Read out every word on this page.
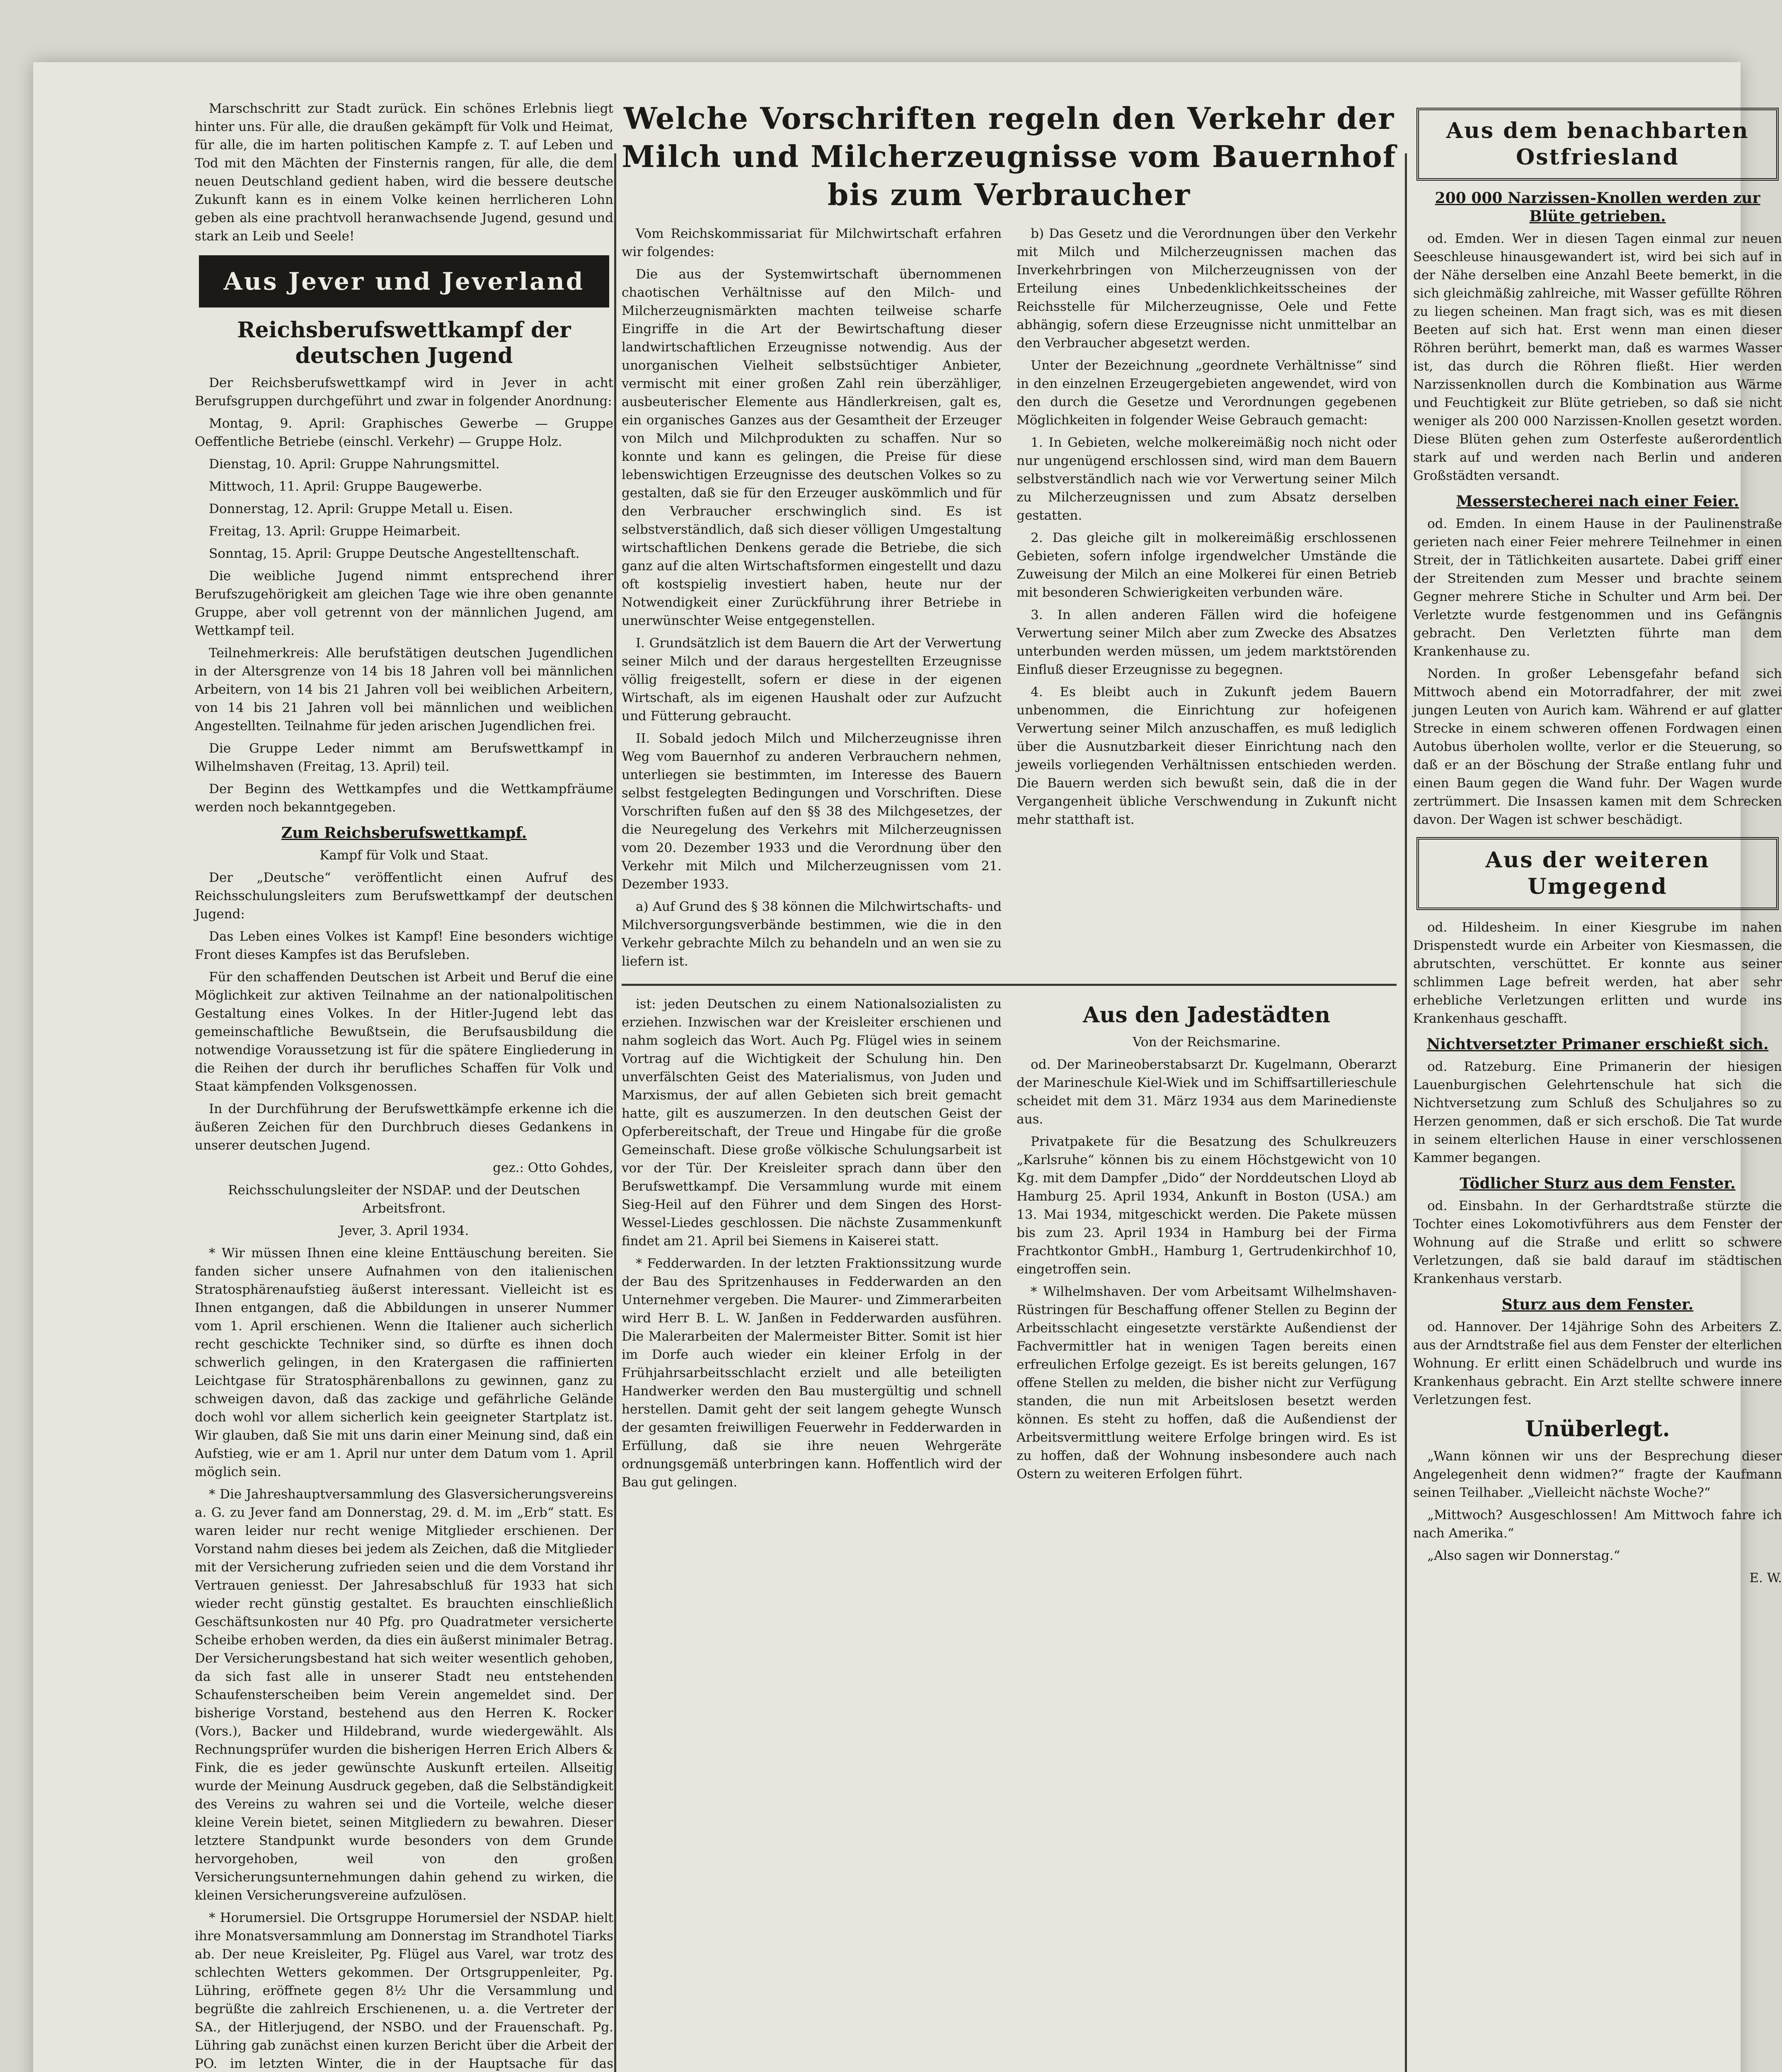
Marschschritt zur Stadt zurück. Ein schönes Erlebnis liegt hinter uns. Für alle, die draußen gekämpft für Volk und Heimat, für alle, die im harten politischen Kampfe z. T. auf Leben und Tod mit den Mächten der Finsternis rangen, für alle, die dem neuen Deutschland gedient haben, wird die bessere deutsche Zukunft kann es in einem Volke keinen herrlicheren Lohn geben als eine prachtvoll heranwachsende Jugend, gesund und stark an Leib und Seele!

Aus Jever und Jeverland
Reichsberufswettkampf der deutschen Jugend

Der Reichsberufswettkampf wird in Jever in acht Berufsgruppen durchgeführt und zwar in folgender Anordnung:

Montag, 9. April: Graphisches Gewerbe — Gruppe Oeffentliche Betriebe (einschl. Verkehr) — Gruppe Holz.

Dienstag, 10. April: Gruppe Nahrungsmittel.

Mittwoch, 11. April: Gruppe Baugewerbe.

Donnerstag, 12. April: Gruppe Metall u. Eisen.

Freitag, 13. April: Gruppe Heimarbeit.

Sonntag, 15. April: Gruppe Deutsche Angestelltenschaft.

Die weibliche Jugend nimmt entsprechend ihrer Berufszugehörigkeit am gleichen Tage wie ihre oben genannte Gruppe, aber voll getrennt von der männlichen Jugend, am Wettkampf teil.

Teilnehmerkreis: Alle berufstätigen deutschen Jugendlichen in der Altersgrenze von 14 bis 18 Jahren voll bei männlichen Arbeitern, von 14 bis 21 Jahren voll bei weiblichen Arbeitern, von 14 bis 21 Jahren voll bei männlichen und weiblichen Angestellten. Teilnahme für jeden arischen Jugendlichen frei.

Die Gruppe Leder nimmt am Berufswettkampf in Wilhelmshaven (Freitag, 13. April) teil.

Der Beginn des Wettkampfes und die Wettkampfräume werden noch bekanntgegeben.

Zum Reichsberufswettkampf.
Kampf für Volk und Staat.

Der „Deutsche“ veröffentlicht einen Aufruf des Reichsschulungsleiters zum Berufswettkampf der deutschen Jugend:

Das Leben eines Volkes ist Kampf! Eine besonders wichtige Front dieses Kampfes ist das Berufsleben.

Für den schaffenden Deutschen ist Arbeit und Beruf die eine Möglichkeit zur aktiven Teilnahme an der nationalpolitischen Gestaltung eines Volkes. In der Hitler-Jugend lebt das gemeinschaftliche Bewußtsein, die Berufsausbildung die notwendige Voraussetzung ist für die spätere Eingliederung in die Reihen der durch ihr berufliches Schaffen für Volk und Staat kämpfenden Volksgenossen.

In der Durchführung der Berufswettkämpfe erkenne ich die äußeren Zeichen für den Durchbruch dieses Gedankens in unserer deutschen Jugend.

gez.: Otto Gohdes,
Reichsschulungsleiter der NSDAP. und der Deutschen Arbeitsfront.
Jever, 3. April 1934.

* Wir müssen Ihnen eine kleine Enttäuschung bereiten. Sie fanden sicher unsere Aufnahmen von den italienischen Stratosphärenaufstieg äußerst interessant. Vielleicht ist es Ihnen entgangen, daß die Abbildungen in unserer Nummer vom 1. April erschienen. Wenn die Italiener auch sicherlich recht geschickte Techniker sind, so dürfte es ihnen doch schwerlich gelingen, in den Kratergasen die raffinierten Leichtgase für Stratosphärenballons zu gewinnen, ganz zu schweigen davon, daß das zackige und gefährliche Gelände doch wohl vor allem sicherlich kein geeigneter Startplatz ist. Wir glauben, daß Sie mit uns darin einer Meinung sind, daß ein Aufstieg, wie er am 1. April nur unter dem Datum vom 1. April möglich sein.

* Die Jahreshauptversammlung des Glasversicherungsvereins a. G. zu Jever fand am Donnerstag, 29. d. M. im „Erb“ statt. Es waren leider nur recht wenige Mitglieder erschienen. Der Vorstand nahm dieses bei jedem als Zeichen, daß die Mitglieder mit der Versicherung zufrieden seien und die dem Vorstand ihr Vertrauen geniesst. Der Jahresabschluß für 1933 hat sich wieder recht günstig gestaltet. Es brauchten einschließlich Geschäftsunkosten nur 40 Pfg. pro Quadratmeter versicherte Scheibe erhoben werden, da dies ein äußerst minimaler Betrag. Der Versicherungsbestand hat sich weiter wesentlich gehoben, da sich fast alle in unserer Stadt neu entstehenden Schaufensterscheiben beim Verein angemeldet sind. Der bisherige Vorstand, bestehend aus den Herren K. Rocker (Vors.), Backer und Hildebrand, wurde wiedergewählt. Als Rechnungsprüfer wurden die bisherigen Herren Erich Albers & Fink, die es jeder gewünschte Auskunft erteilen. Allseitig wurde der Meinung Ausdruck gegeben, daß die Selbständigkeit des Vereins zu wahren sei und die Vorteile, welche dieser kleine Verein bietet, seinen Mitgliedern zu bewahren. Dieser letztere Standpunkt wurde besonders von dem Grunde hervorgehoben, weil von den großen Versicherungsunternehmungen dahin gehend zu wirken, die kleinen Versicherungsvereine aufzulösen.

* Horumersiel. Die Ortsgruppe Horumersiel der NSDAP. hielt ihre Monatsversammlung am Donnerstag im Strandhotel Tiarks ab. Der neue Kreisleiter, Pg. Flügel aus Varel, war trotz des schlechten Wetters gekommen. Der Ortsgruppenleiter, Pg. Lühring, eröffnete gegen 8½ Uhr die Versammlung und begrüßte die zahlreich Erschienenen, u. a. die Vertreter der SA., der Hitlerjugend, der NSBO. und der Frauenschaft. Pg. Lühring gab zunächst einen kurzen Bericht über die Arbeit der PO. im letzten Winter, die in der Hauptsache für das

Welche Vorschriften regeln den Verkehr der Milch und Milcherzeugnisse vom Bauernhof bis zum Verbraucher

Vom Reichskommissariat für Milchwirtschaft erfahren wir folgendes:

Die aus der Systemwirtschaft übernommenen chaotischen Verhältnisse auf den Milch- und Milcherzeugnismärkten machten teilweise scharfe Eingriffe in die Art der Bewirtschaftung dieser landwirtschaftlichen Erzeugnisse notwendig. Aus der unorganischen Vielheit selbstsüchtiger Anbieter, vermischt mit einer großen Zahl rein überzähliger, ausbeuterischer Elemente aus Händlerkreisen, galt es, ein organisches Ganzes aus der Gesamtheit der Erzeuger von Milch und Milchprodukten zu schaffen. Nur so konnte und kann es gelingen, die Preise für diese lebenswichtigen Erzeugnisse des deutschen Volkes so zu gestalten, daß sie für den Erzeuger auskömmlich und für den Verbraucher erschwinglich sind. Es ist selbstverständlich, daß sich dieser völligen Umgestaltung wirtschaftlichen Denkens gerade die Betriebe, die sich ganz auf die alten Wirtschaftsformen eingestellt und dazu oft kostspielig investiert haben, heute nur der Notwendigkeit einer Zurückführung ihrer Betriebe in unerwünschter Weise entgegenstellen.

I. Grundsätzlich ist dem Bauern die Art der Verwertung seiner Milch und der daraus hergestellten Erzeugnisse völlig freigestellt, sofern er diese in der eigenen Wirtschaft, als im eigenen Haushalt oder zur Aufzucht und Fütterung gebraucht.

II. Sobald jedoch Milch und Milcherzeugnisse ihren Weg vom Bauernhof zu anderen Verbrauchern nehmen, unterliegen sie bestimmten, im Interesse des Bauern selbst festgelegten Bedingungen und Vorschriften. Diese Vorschriften fußen auf den §§ 38 des Milchgesetzes, der die Neuregelung des Verkehrs mit Milcherzeugnissen vom 20. Dezember 1933 und die Verordnung über den Verkehr mit Milch und Milcherzeugnissen vom 21. Dezember 1933.

a) Auf Grund des § 38 können die Milchwirtschafts- und Milchversorgungsverbände bestimmen, wie die in den Verkehr gebrachte Milch zu behandeln und an wen sie zu liefern ist.

b) Das Gesetz und die Verordnungen über den Verkehr mit Milch und Milcherzeugnissen machen das Inverkehrbringen von Milcherzeugnissen von der Erteilung eines Unbedenklichkeitsscheines der Reichsstelle für Milcherzeugnisse, Oele und Fette abhängig, sofern diese Erzeugnisse nicht unmittelbar an den Verbraucher abgesetzt werden.

Unter der Bezeichnung „geordnete Verhältnisse“ sind in den einzelnen Erzeugergebieten angewendet, wird von den durch die Gesetze und Verordnungen gegebenen Möglichkeiten in folgender Weise Gebrauch gemacht:

1. In Gebieten, welche molkereimäßig noch nicht oder nur ungenügend erschlossen sind, wird man dem Bauern selbstverständlich nach wie vor Verwertung seiner Milch zu Milcherzeugnissen und zum Absatz derselben gestatten.

2. Das gleiche gilt in molkereimäßig erschlossenen Gebieten, sofern infolge irgendwelcher Umstände die Zuweisung der Milch an eine Molkerei für einen Betrieb mit besonderen Schwierigkeiten verbunden wäre.

3. In allen anderen Fällen wird die hofeigene Verwertung seiner Milch aber zum Zwecke des Absatzes unterbunden werden müssen, um jedem marktstörenden Einfluß dieser Erzeugnisse zu begegnen.

4. Es bleibt auch in Zukunft jedem Bauern unbenommen, die Einrichtung zur hofeigenen Verwertung seiner Milch anzuschaffen, es muß lediglich über die Ausnutzbarkeit dieser Einrichtung nach den jeweils vorliegenden Verhältnissen entschieden werden. Die Bauern werden sich bewußt sein, daß die in der Vergangenheit übliche Verschwendung in Zukunft nicht mehr statthaft ist.

ist: jeden Deutschen zu einem Nationalsozialisten zu erziehen. Inzwischen war der Kreisleiter erschienen und nahm sogleich das Wort. Auch Pg. Flügel wies in seinem Vortrag auf die Wichtigkeit der Schulung hin. Den unverfälschten Geist des Materialismus, von Juden und Marxismus, der auf allen Gebieten sich breit gemacht hatte, gilt es auszumerzen. In den deutschen Geist der Opferbereitschaft, der Treue und Hingabe für die große Gemeinschaft. Diese große völkische Schulungsarbeit ist vor der Tür. Der Kreisleiter sprach dann über den Berufswettkampf. Die Versammlung wurde mit einem Sieg-Heil auf den Führer und dem Singen des Horst-Wessel-Liedes geschlossen. Die nächste Zusammenkunft findet am 21. April bei Siemens in Kaiserei statt.

* Fedderwarden. In der letzten Fraktionssitzung wurde der Bau des Spritzenhauses in Fedderwarden an den Unternehmer vergeben. Die Maurer- und Zimmerarbeiten wird Herr B. L. W. Janßen in Fedderwarden ausführen. Die Malerarbeiten der Malermeister Bitter. Somit ist hier im Dorfe auch wieder ein kleiner Erfolg in der Frühjahrsarbeitsschlacht erzielt und alle beteiligten Handwerker werden den Bau mustergültig und schnell herstellen. Damit geht der seit langem gehegte Wunsch der gesamten freiwilligen Feuerwehr in Fedderwarden in Erfüllung, daß sie ihre neuen Wehrgeräte ordnungsgemäß unterbringen kann. Hoffentlich wird der Bau gut gelingen.

Aus den Jadestädten
Von der Reichsmarine.

od. Der Marineoberstabsarzt Dr. Kugelmann, Oberarzt der Marineschule Kiel-Wiek und im Schiffsartillerieschule scheidet mit dem 31. März 1934 aus dem Marinedienste aus.

Privatpakete für die Besatzung des Schulkreuzers „Karlsruhe“ können bis zu einem Höchstgewicht von 10 Kg. mit dem Dampfer „Dido“ der Norddeutschen Lloyd ab Hamburg 25. April 1934, Ankunft in Boston (USA.) am 13. Mai 1934, mitgeschickt werden. Die Pakete müssen bis zum 23. April 1934 in Hamburg bei der Firma Frachtkontor GmbH., Hamburg 1, Gertrudenkirchhof 10, eingetroffen sein.

* Wilhelmshaven. Der vom Arbeitsamt Wilhelmshaven-Rüstringen für Beschaffung offener Stellen zu Beginn der Arbeitsschlacht eingesetzte verstärkte Außendienst der Fachvermittler hat in wenigen Tagen bereits einen erfreulichen Erfolge gezeigt. Es ist bereits gelungen, 167 offene Stellen zu melden, die bisher nicht zur Verfügung standen, die nun mit Arbeitslosen besetzt werden können. Es steht zu hoffen, daß die Außendienst der Arbeitsvermittlung weitere Erfolge bringen wird. Es ist zu hoffen, daß der Wohnung insbesondere auch nach Ostern zu weiteren Erfolgen führt.

Aus dem benachbarten Ostfriesland
200 000 Narzissen-Knollen werden zur Blüte getrieben.

od. Emden. Wer in diesen Tagen einmal zur neuen Seeschleuse hinausgewandert ist, wird bei sich auf in der Nähe derselben eine Anzahl Beete bemerkt, in die sich gleichmäßig zahlreiche, mit Wasser gefüllte Röhren zu liegen scheinen. Man fragt sich, was es mit diesen Beeten auf sich hat. Erst wenn man einen dieser Röhren berührt, bemerkt man, daß es warmes Wasser ist, das durch die Röhren fließt. Hier werden Narzissenknollen durch die Kombination aus Wärme und Feuchtigkeit zur Blüte getrieben, so daß sie nicht weniger als 200 000 Narzissen-Knollen gesetzt worden. Diese Blüten gehen zum Osterfeste außerordentlich stark auf und werden nach Berlin und anderen Großstädten versandt.

Messerstecherei nach einer Feier.

od. Emden. In einem Hause in der Paulinenstraße gerieten nach einer Feier mehrere Teilnehmer in einen Streit, der in Tätlichkeiten ausartete. Dabei griff einer der Streitenden zum Messer und brachte seinem Gegner mehrere Stiche in Schulter und Arm bei. Der Verletzte wurde festgenommen und ins Gefängnis gebracht. Den Verletzten führte man dem Krankenhause zu.

Norden. In großer Lebensgefahr befand sich Mittwoch abend ein Motorradfahrer, der mit zwei jungen Leuten von Aurich kam. Während er auf glatter Strecke in einem schweren offenen Fordwagen einen Autobus überholen wollte, verlor er die Steuerung, so daß er an der Böschung der Straße entlang fuhr und einen Baum gegen die Wand fuhr. Der Wagen wurde zertrümmert. Die Insassen kamen mit dem Schrecken davon. Der Wagen ist schwer beschädigt.

Aus der weiteren Umgegend

od. Hildesheim. In einer Kiesgrube im nahen Drispenstedt wurde ein Arbeiter von Kiesmassen, die abrutschten, verschüttet. Er konnte aus seiner schlimmen Lage befreit werden, hat aber sehr erhebliche Verletzungen erlitten und wurde ins Krankenhaus geschafft.

Nichtversetzter Primaner erschießt sich.

od. Ratzeburg. Eine Primanerin der hiesigen Lauenburgischen Gelehrtenschule hat sich die Nichtversetzung zum Schluß des Schuljahres so zu Herzen genommen, daß er sich erschoß. Die Tat wurde in seinem elterlichen Hause in einer verschlossenen Kammer begangen.

Tödlicher Sturz aus dem Fenster.

od. Einsbahn. In der Gerhardtstraße stürzte die Tochter eines Lokomotivführers aus dem Fenster der Wohnung auf die Straße und erlitt so schwere Verletzungen, daß sie bald darauf im städtischen Krankenhaus verstarb.

Sturz aus dem Fenster.

od. Hannover. Der 14jährige Sohn des Arbeiters Z. aus der Arndtstraße fiel aus dem Fenster der elterlichen Wohnung. Er erlitt einen Schädelbruch und wurde ins Krankenhaus gebracht. Ein Arzt stellte schwere innere Verletzungen fest.

Unüberlegt.

„Wann können wir uns der Besprechung dieser Angelegenheit denn widmen?“ fragte der Kaufmann seinen Teilhaber. „Vielleicht nächste Woche?“

„Mittwoch? Ausgeschlossen! Am Mittwoch fahre ich nach Amerika.“

„Also sagen wir Donnerstag.“

E. W.
